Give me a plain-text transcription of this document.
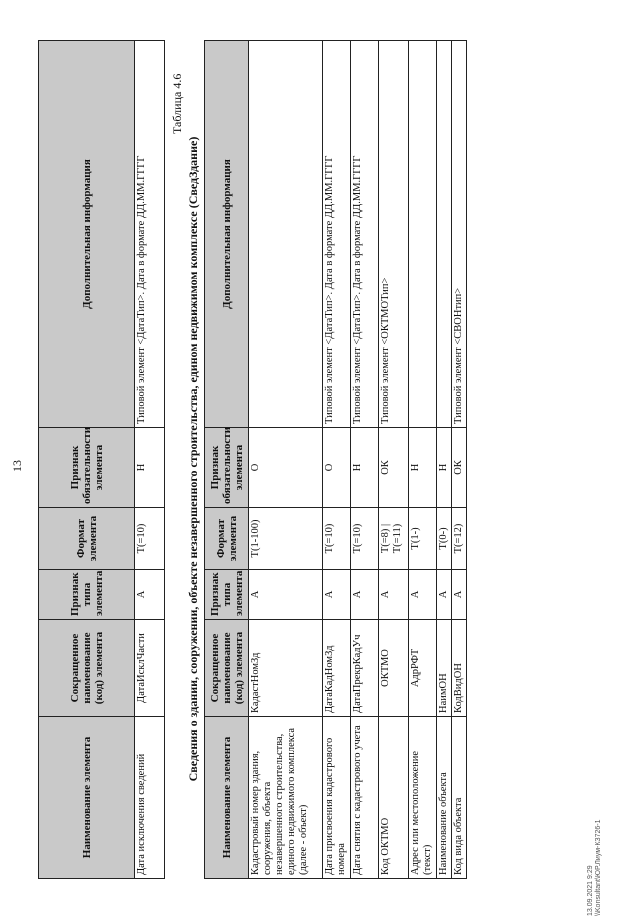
13
Наименование элемента	Сокращенное наименование (код) элемента	Признак типа элемента	Формат элемента	Признак обязательности элемента	Дополнительная информация
Дата исключения сведений	ДатаИсклЧасти	А	Т(=10)	Н	Типовой элемент <ДатаТип>. Дата в формате ДД.ММ.ГГГГ
Таблица 4.6
Сведения о здании, сооружении, объекте незавершенного строительства, едином недвижимом комплексе (СведЗдание)
Наименование элемента	Сокращенное наименование (код) элемента	Признак типа элемента	Формат элемента	Признак обязательности элемента	Дополнительная информация
Кадастровый номер здания, сооружения, объекта незавершенного строительства, единого недвижимого комплекса (далее - объект)	КадастНомЗд	А	Т(1-100)	О	
Дата присвоения кадастрового номера	ДатаКадНомЗд	А	Т(=10)	О	Типовой элемент <ДатаТип>. Дата в формате ДД.ММ.ГГГГ
Дата снятия с кадастрового учета	ДатаПрекрКадУч	А	Т(=10)	Н	Типовой элемент <ДатаТип>. Дата в формате ДД.ММ.ГГГГ
Код ОКТМО	ОКТМО	А	Т(=8) | Т(=11)	ОК	Типовой элемент <ОКТМОТип>
Адрес или местоположение (текст)	АдрРФТ	А	Т(1-)	Н	
Наименование объекта	НаимОН	А	Т(0-)	Н	
Код вида объекта	КодВидОН	А	Т(=12)	ОК	Типовой элемент <СВОНтип>
13.09.2021 9:29 \\Konsultant\ЮР.Лиум-КЗ726-1
